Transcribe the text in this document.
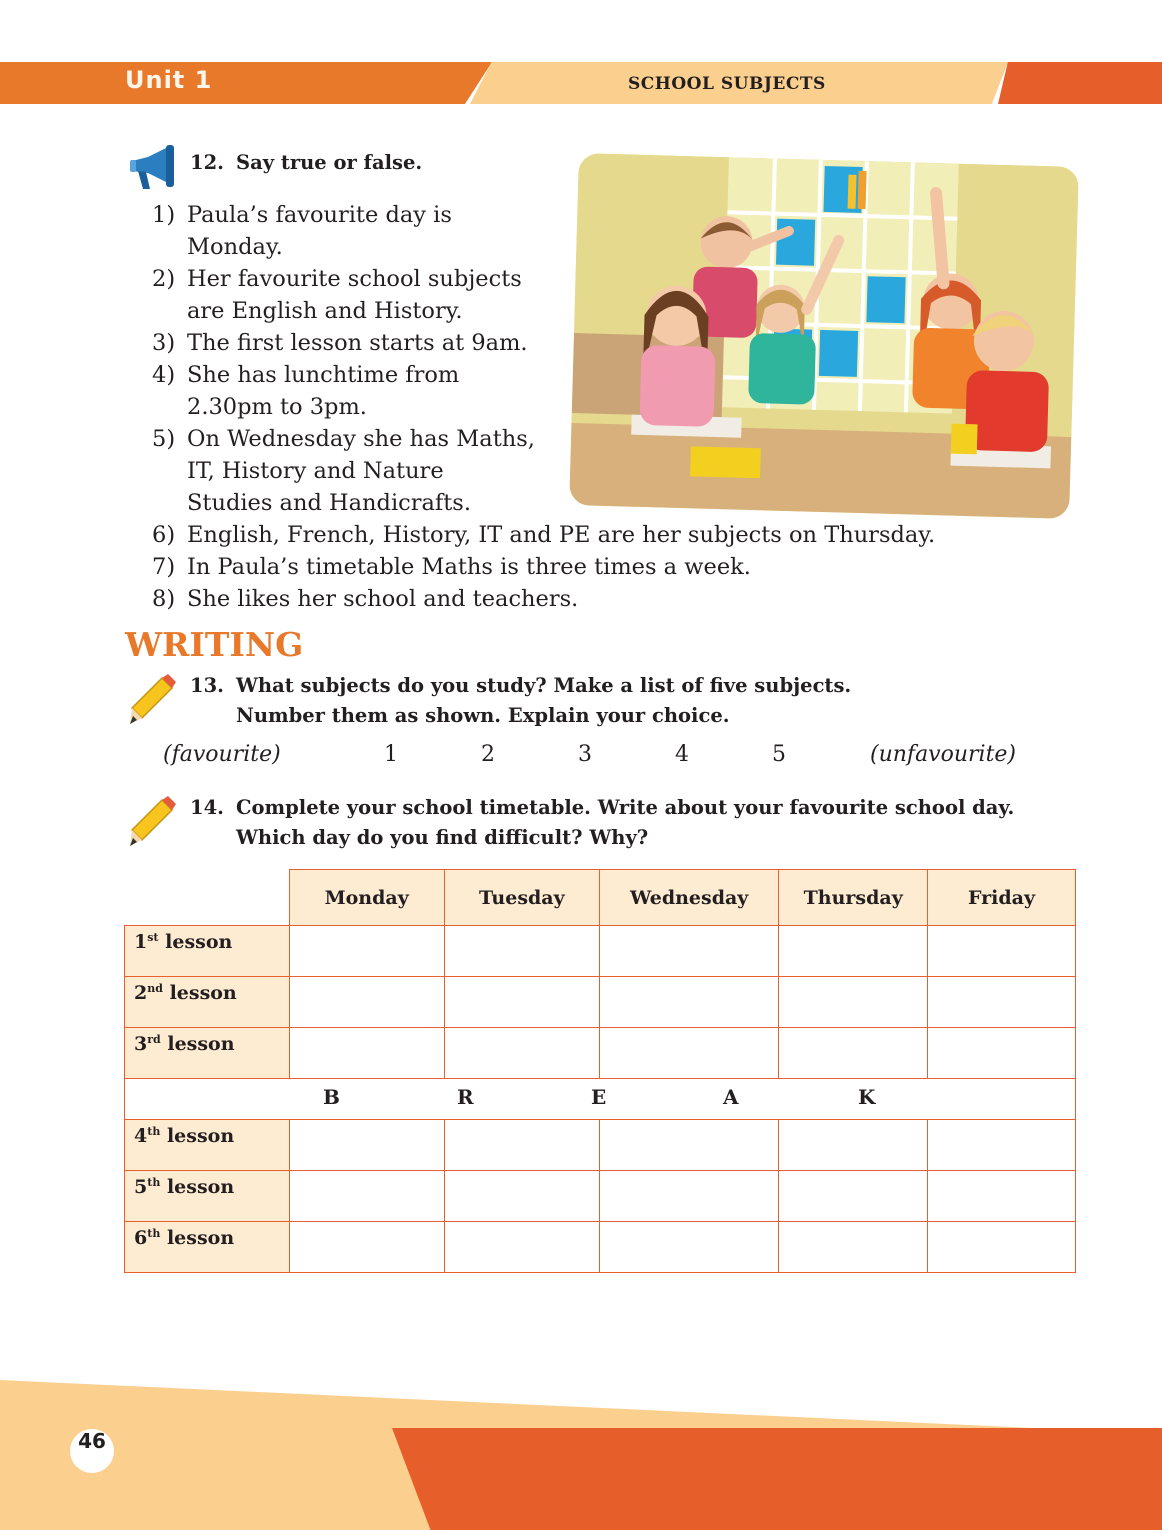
Unit 1	SCHOOL SUBJECTS
12. Say true or false.
1) Paula’s favourite day is
Monday.
2) Her favourite school subjects
are English and History.
3) The first lesson starts at 9am.
4) She has lunchtime from
2.30pm to 3pm.
5) On Wednesday she has Maths,
IT, History and Nature
Studies and Handicrafts.
6) English, French, History, IT and PE are her subjects on Thursday.
7) In Paula’s timetable Maths is three times a week.
8) She likes her school and teachers.
WRITING
13. What subjects do you study? Make a list of five subjects.
Number them as shown. Explain your choice.
(favourite)	1	2	3	4	5	(unfavourite)
14. Complete your school timetable. Write about your favourite school day.
Which day do you find difficult? Why?
	Monday	Tuesday	Wednesday	Thursday	Friday
1st lesson					
2nd lesson					
3rd lesson					

B R E A K					

4th lesson					
5th lesson					
6th lesson					
46
